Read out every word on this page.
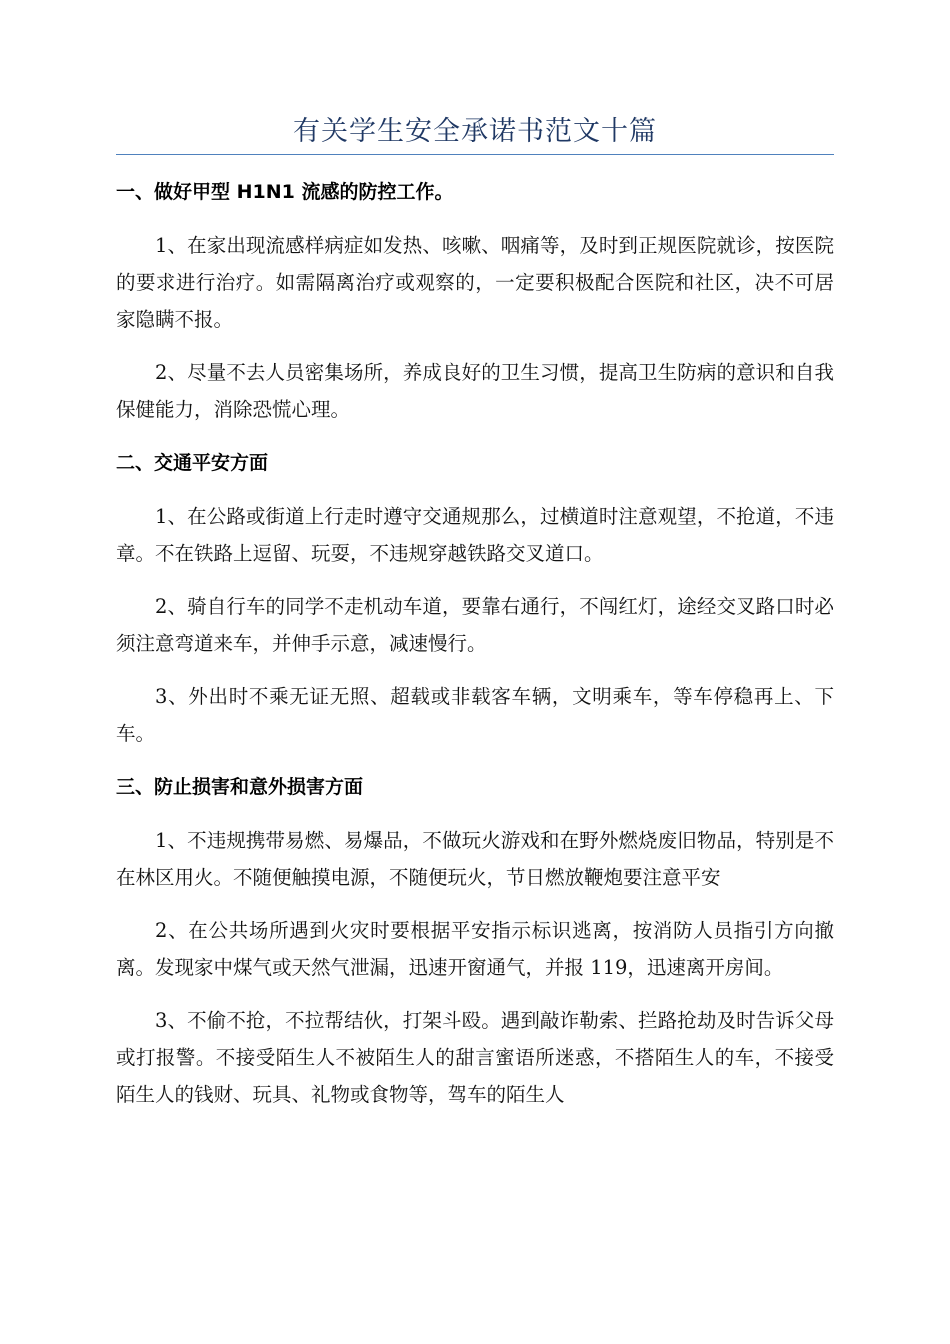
有关学生安全承诺书范文十篇
一、做好甲型 H1N1 流感的防控工作。

1、在家出现流感样病症如发热、咳嗽、咽痛等，及时到正规医院就诊，按医院的要求进行治疗。如需隔离治疗或观察的，一定要积极配合医院和社区，决不可居家隐瞒不报。

2、尽量不去人员密集场所，养成良好的卫生习惯，提高卫生防病的意识和自我保健能力，消除恐慌心理。

二、交通平安方面

1、在公路或街道上行走时遵守交通规那么，过横道时注意观望，不抢道，不违章。不在铁路上逗留、玩耍，不违规穿越铁路交叉道口。

2、骑自行车的同学不走机动车道，要靠右通行，不闯红灯，途经交叉路口时必须注意弯道来车，并伸手示意，减速慢行。

3、外出时不乘无证无照、超载或非载客车辆，文明乘车，等车停稳再上、下车。

三、防止损害和意外损害方面

1、不违规携带易燃、易爆品，不做玩火游戏和在野外燃烧废旧物品，特别是不在林区用火。不随便触摸电源，不随便玩火，节日燃放鞭炮要注意平安

2、在公共场所遇到火灾时要根据平安指示标识逃离，按消防人员指引方向撤离。发现家中煤气或天然气泄漏，迅速开窗通气，并报 119，迅速离开房间。

3、不偷不抢，不拉帮结伙，打架斗殴。遇到敲诈勒索、拦路抢劫及时告诉父母或打报警。不接受陌生人不被陌生人的甜言蜜语所迷惑，不搭陌生人的车，不接受陌生人的钱财、玩具、礼物或食物等，驾车的陌生人
